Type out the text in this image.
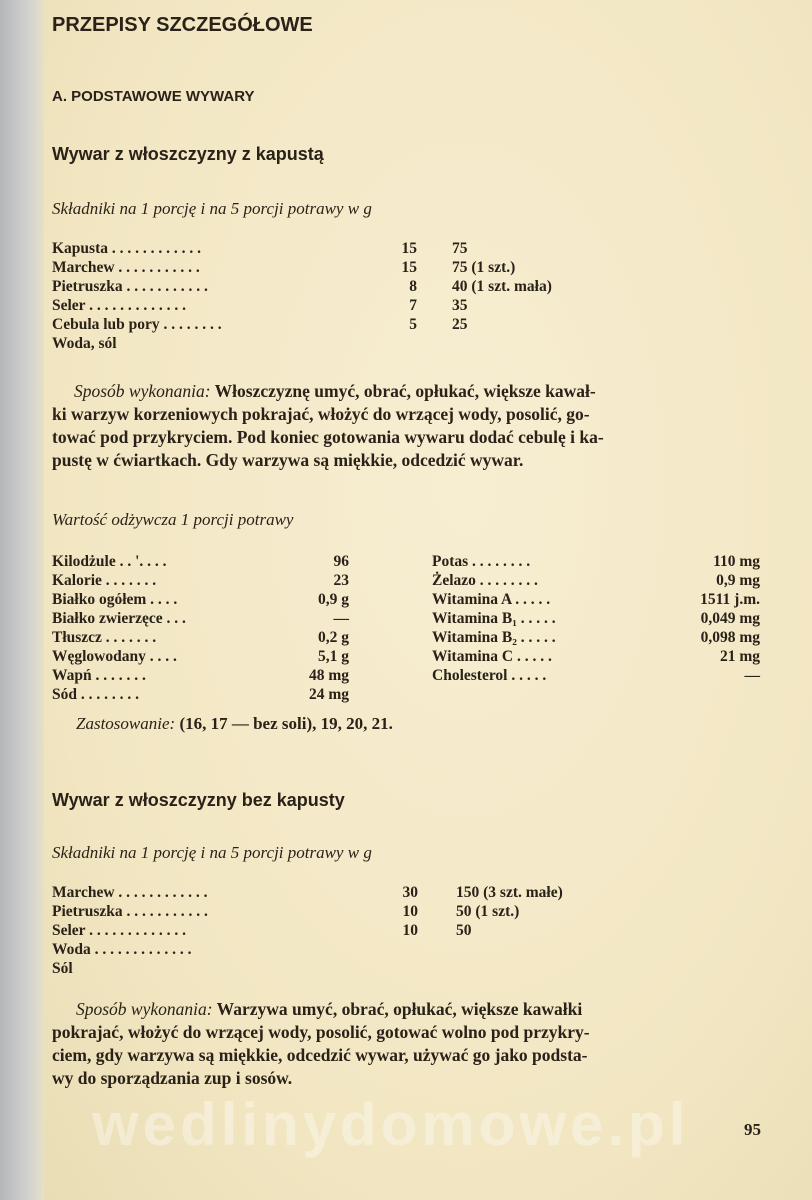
PRZEPISY SZCZEGÓŁOWE
A. PODSTAWOWE WYWARY
Wywar z włoszczyzny z kapustą
Składniki na 1 porcję i na 5 porcji potrawy w g
Kapusta . . . . . . . . . . . .	15 75
Marchew . . . . . . . . . . .	15 75 (1 szt.)
Pietruszka . . . . . . . . . . .	8 40 (1 szt. mała)
Seler . . . . . . . . . . . . .	7 35
Cebula lub pory . . . . . . . .	5 25
Woda, sól
Sposób wykonania: Włoszczyznę umyć, obrać, opłukać, większe kawał-
ki warzyw korzeniowych pokrajać, włożyć do wrzącej wody, posolić, go-
tować pod przykryciem. Pod koniec gotowania wywaru dodać cebulę i ka-
pustę w ćwiartkach. Gdy warzywa są miękkie, odcedzić wywar.
Wartość odżywcza 1 porcji potrawy
Kilodżule . . '. . . .	96
Kalorie . . . . . . .	23
Białko ogółem . . . .	0,9 g
Białko zwierzęce . . .	—
Tłuszcz . . . . . . .	0,2 g
Węglowodany . . . .	5,1 g
Wapń . . . . . . .	48 mg
Sód . . . . . . . .	24 mg
Potas . . . . . . . .	110 mg
Żelazo . . . . . . . .	0,9 mg
Witamina A . . . . .	1511 j.m.
Witamina B₁ . . . . .	0,049 mg
Witamina B₂ . . . . .	0,098 mg
Witamina C . . . . .	21 mg
Cholesterol . . . . .	—
Zastosowanie: (16, 17 — bez soli), 19, 20, 21.
Wywar z włoszczyzny bez kapusty
Składniki na 1 porcję i na 5 porcji potrawy w g
Marchew . . . . . . . . . . . .	30 150 (3 szt. małe)
Pietruszka . . . . . . . . . . .	10 50 (1 szt.)
Seler . . . . . . . . . . . . .	10 50
Woda . . . . . . . . . . . . .
Sól
Sposób wykonania: Warzywa umyć, obrać, opłukać, większe kawałki
pokrajać, włożyć do wrzącej wody, posolić, gotować wolno pod przykry-
ciem, gdy warzywa są miękkie, odcedzić wywar, używać go jako podsta-
wy do sporządzania zup i sosów.
wedlinydomowe.pl	95
